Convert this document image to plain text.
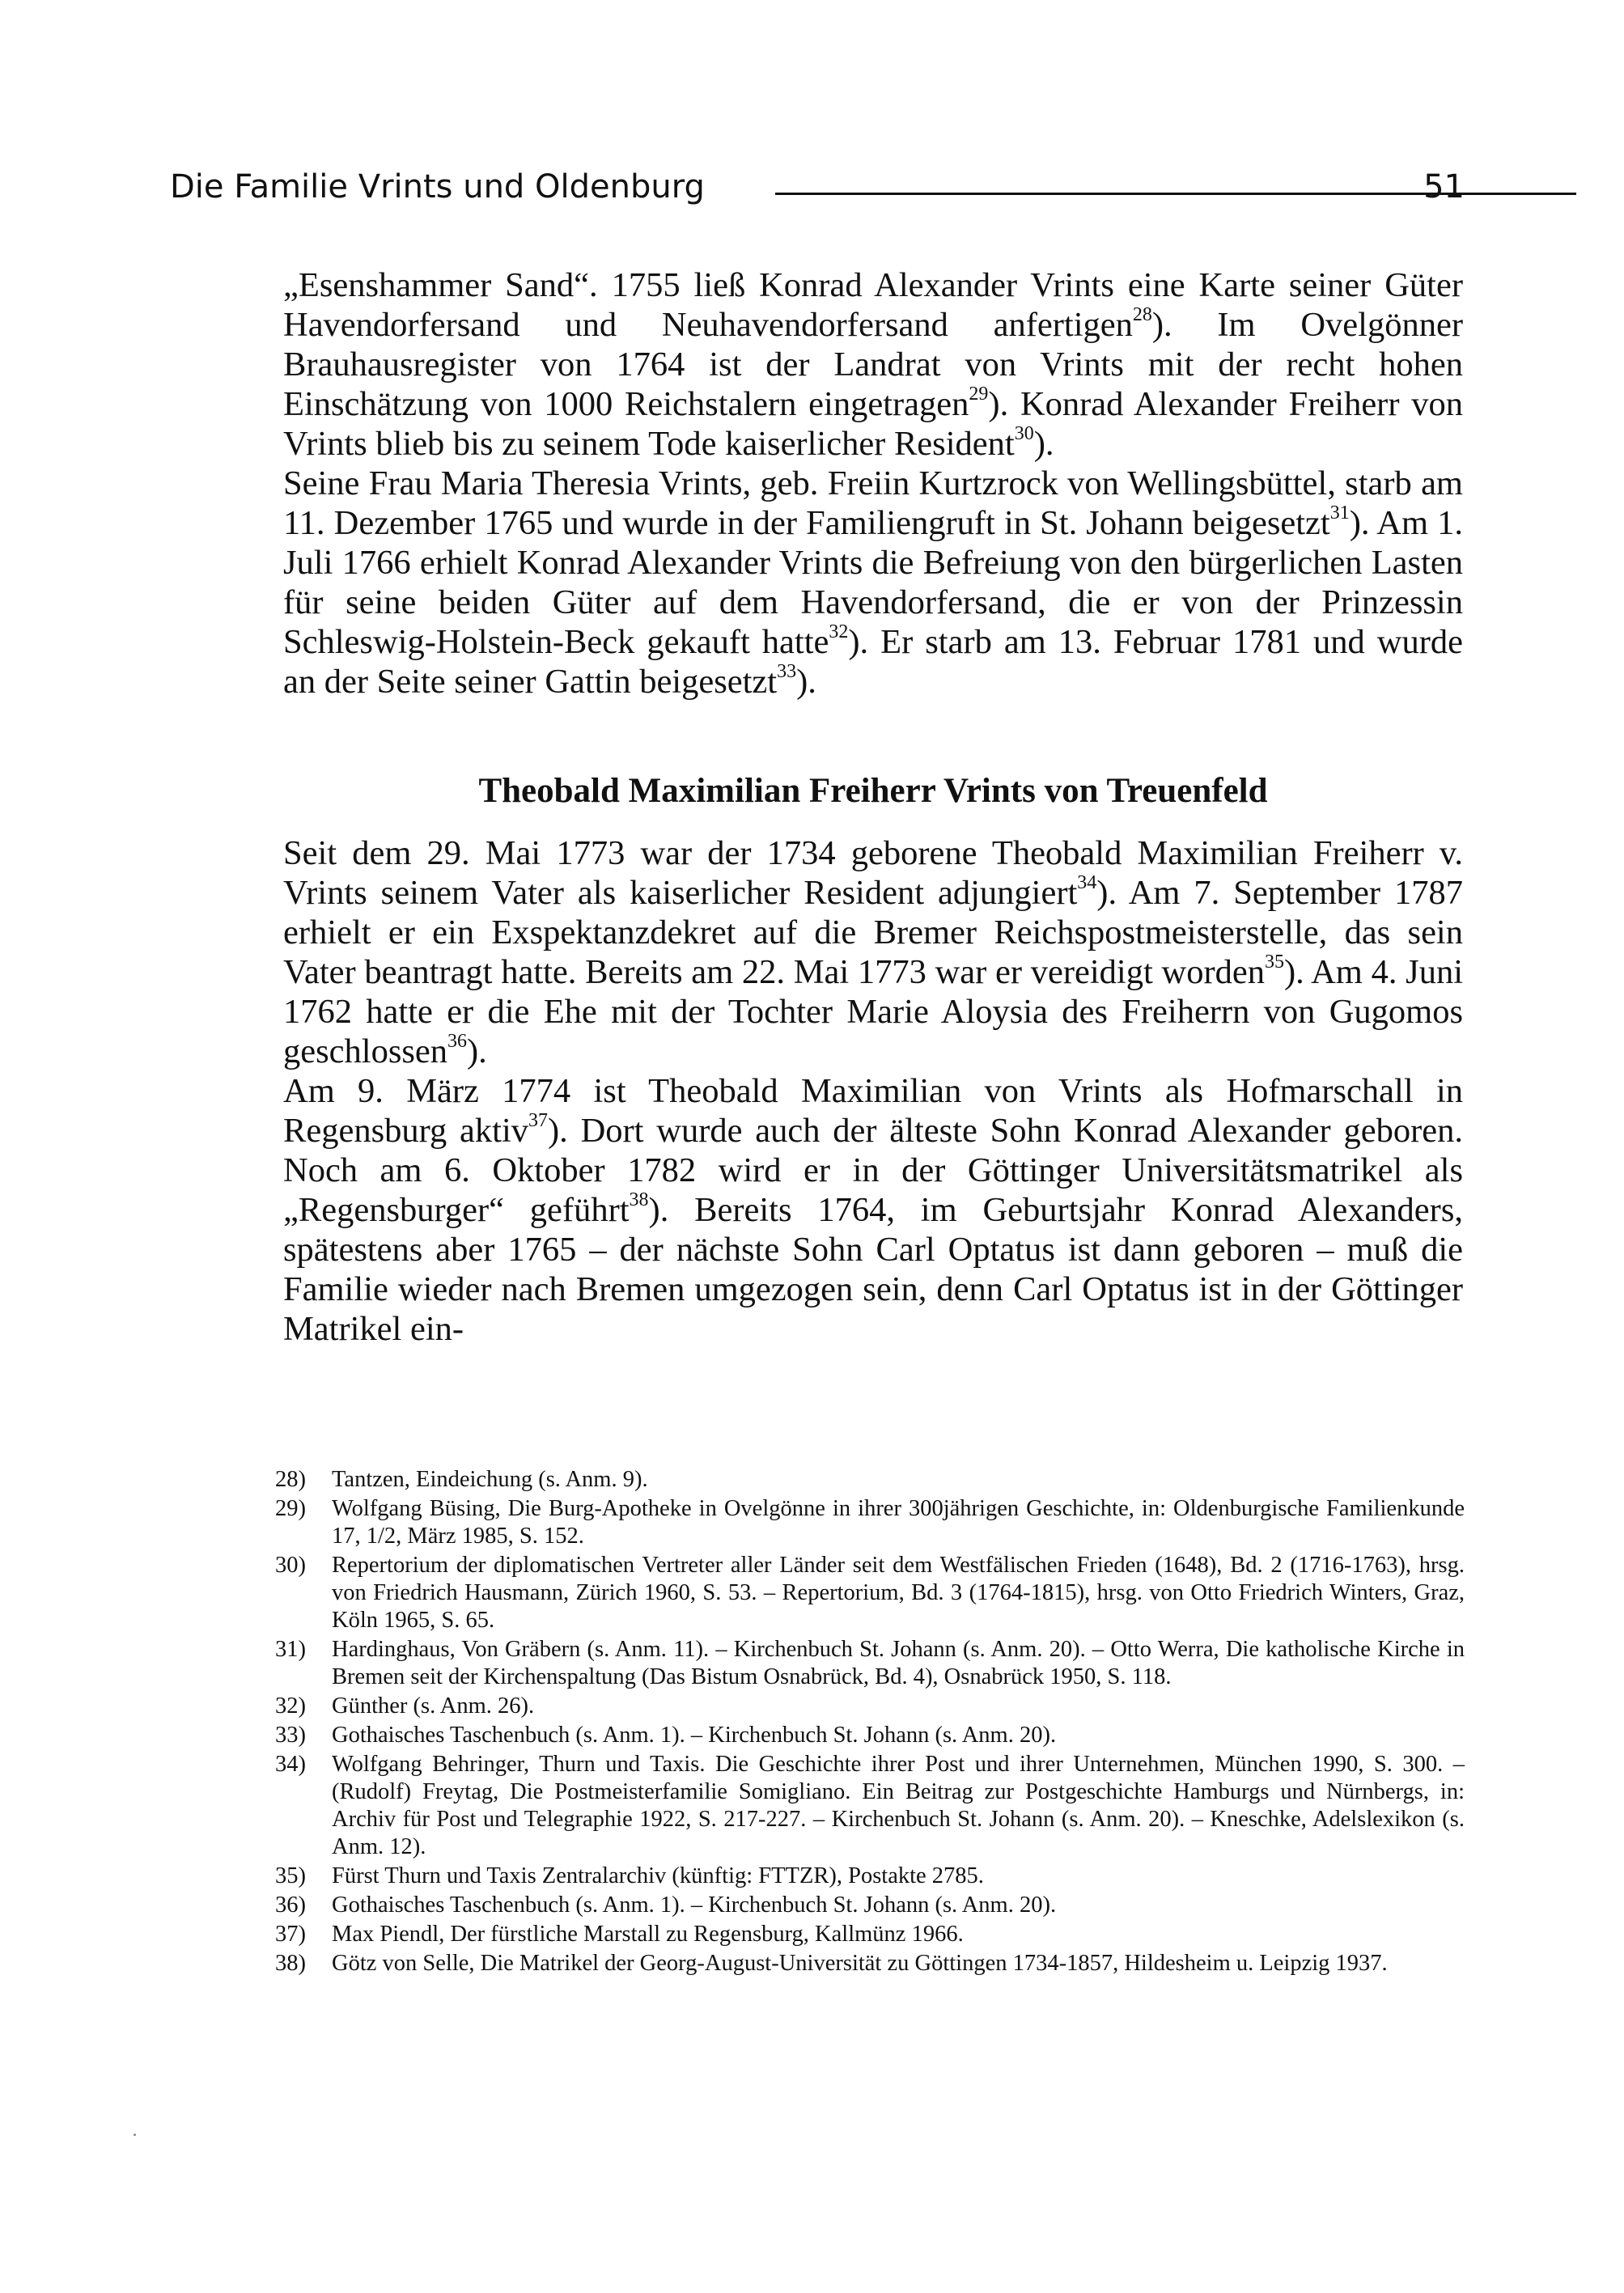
Die Familie Vrints und Oldenburg	51

„Esenshammer Sand“. 1755 ließ Konrad Alexander Vrints eine Karte seiner Güter Havendorfersand und Neuhavendorfersand anfertigen$^{28}$). Im Ovelgönner Brauhausregister von 1764 ist der Landrat von Vrints mit der recht hohen Einschätzung von 1000 Reichstalern eingetragen$^{29}$). Konrad Alexander Freiherr von Vrints blieb bis zu seinem Tode kaiserlicher Resident$^{30}$).

Seine Frau Maria Theresia Vrints, geb. Freiin Kurtzrock von Wellingsbüttel, starb am 11. Dezember 1765 und wurde in der Familiengruft in St. Johann beigesetzt$^{31}$). Am 1. Juli 1766 erhielt Konrad Alexander Vrints die Befreiung von den bürgerlichen Lasten für seine beiden Güter auf dem Havendorfersand, die er von der Prinzessin Schleswig-Holstein-Beck gekauft hatte$^{32}$). Er starb am 13. Februar 1781 und wurde an der Seite seiner Gattin beigesetzt$^{33}$).

Theobald Maximilian Freiherr Vrints von Treuenfeld

Seit dem 29. Mai 1773 war der 1734 geborene Theobald Maximilian Freiherr v. Vrints seinem Vater als kaiserlicher Resident adjungiert$^{34}$). Am 7. September 1787 erhielt er ein Exspektanzdekret auf die Bremer Reichspostmeisterstelle, das sein Vater beantragt hatte. Bereits am 22. Mai 1773 war er vereidigt worden$^{35}$). Am 4. Juni 1762 hatte er die Ehe mit der Tochter Marie Aloysia des Freiherrn von Gugomos geschlossen$^{36}$).

Am 9. März 1774 ist Theobald Maximilian von Vrints als Hofmarschall in Regensburg aktiv$^{37}$). Dort wurde auch der älteste Sohn Konrad Alexander geboren. Noch am 6. Oktober 1782 wird er in der Göttinger Universitätsmatrikel als „Regensburger“ geführt$^{38}$). Bereits 1764, im Geburtsjahr Konrad Alexanders, spätestens aber 1765 – der nächste Sohn Carl Optatus ist dann geboren – muß die Familie wieder nach Bremen umgezogen sein, denn Carl Optatus ist in der Göttinger Matrikel ein-

28)	Tantzen, Eindeichung (s. Anm. 9).
29)	Wolfgang Büsing, Die Burg-Apotheke in Ovelgönne in ihrer 300jährigen Geschichte, in: Oldenburgische Familienkunde 17, 1/2, März 1985, S. 152.
30)	Repertorium der diplomatischen Vertreter aller Länder seit dem Westfälischen Frieden (1648), Bd. 2 (1716-1763), hrsg. von Friedrich Hausmann, Zürich 1960, S. 53. – Repertorium, Bd. 3 (1764-1815), hrsg. von Otto Friedrich Winters, Graz, Köln 1965, S. 65.
31)	Hardinghaus, Von Gräbern (s. Anm. 11). – Kirchenbuch St. Johann (s. Anm. 20). – Otto Werra, Die katholische Kirche in Bremen seit der Kirchenspaltung (Das Bistum Osnabrück, Bd. 4), Osnabrück 1950, S. 118.
32)	Günther (s. Anm. 26).
33)	Gothaisches Taschenbuch (s. Anm. 1). – Kirchenbuch St. Johann (s. Anm. 20).
34)	Wolfgang Behringer, Thurn und Taxis. Die Geschichte ihrer Post und ihrer Unternehmen, München 1990, S. 300. – (Rudolf) Freytag, Die Postmeisterfamilie Somigliano. Ein Beitrag zur Postgeschichte Hamburgs und Nürnbergs, in: Archiv für Post und Telegraphie 1922, S. 217-227. – Kirchenbuch St. Johann (s. Anm. 20). – Kneschke, Adelslexikon (s. Anm. 12).
35)	Fürst Thurn und Taxis Zentralarchiv (künftig: FTTZR), Postakte 2785.
36)	Gothaisches Taschenbuch (s. Anm. 1). – Kirchenbuch St. Johann (s. Anm. 20).
37)	Max Piendl, Der fürstliche Marstall zu Regensburg, Kallmünz 1966.
38)	Götz von Selle, Die Matrikel der Georg-August-Universität zu Göttingen 1734-1857, Hildesheim u. Leipzig 1937.
